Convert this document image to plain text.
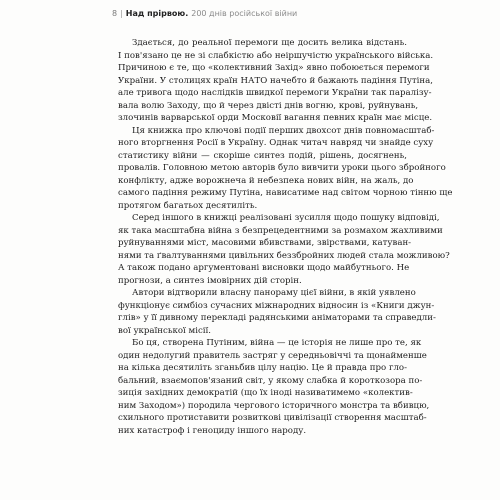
8 | Над прірвою. 200 днів російської війни
Здається, до реальної перемоги ще досить велика відстань.
І пов'язано це не зі слабкістю або неіршучістю українського війська.
Причиною є те, що «колективний Захід» явно побоюється перемоги
України. У столицях країн НАТО начебто й бажають падіння Путіна,
але тривога щодо наслідків швидкої перемоги України так паралізу-
вала волю Заходу, що й через двісті днів вогню, крові, руйнувань,
злочинів варварської орди Московії вагання певних країн має місце.
Ця книжка про ключові події перших двохсот днів повномасштаб-
ного вторгнення Росії в Україну. Однак читач навряд чи знайде суху
статистику війни — скоріше синтез подій, рішень, досягнень,
провалів. Головною метою авторів було вивчити уроки цього збройного
конфлікту, адже ворожнеча й небезпека нових війн, на жаль, до
самого падіння режиму Путіна, нависатиме над світом чорною тінню ще
протягом багатьох десятиліть.
Серед іншого в книжці реалізовані зусилля щодо пошуку відповіді,
як така масштабна війна з безпрецедентними за розмахом жахливими
руйнуваннями міст, масовими вбивствами, звірствами, катуван-
нями та ґвалтуваннями цивільних беззбройних людей стала можливою?
А також подано аргументовані висновки щодо майбутнього. Не
прогнози, а синтез імовірних дій сторін.
Автори відтворили власну панораму цієї війни, в якій уявлено
функціонує симбіоз сучасних міжнародних відносин із «Книги джун-
глів» у її дивному перекладі радянськими аніматорами та справедли-
вої української місії.
Бо ця, створена Путіним, війна — це історія не лише про те, як
один недолугий правитель застряг у середньовіччі та щонайменше
на кілька десятиліть зганьбив цілу націю. Це й правда про гло-
бальний, взаємопов'язаний світ, у якому слабка й короткозора по-
зиція західних демократій (що їх іноді називатимемо «колектив-
ним Заходом») породила чергового історичного монстра та вбивцю,
схильного протиставити розвиткові цивілізації створення масштаб-
них катастроф і геноциду іншого народу.
